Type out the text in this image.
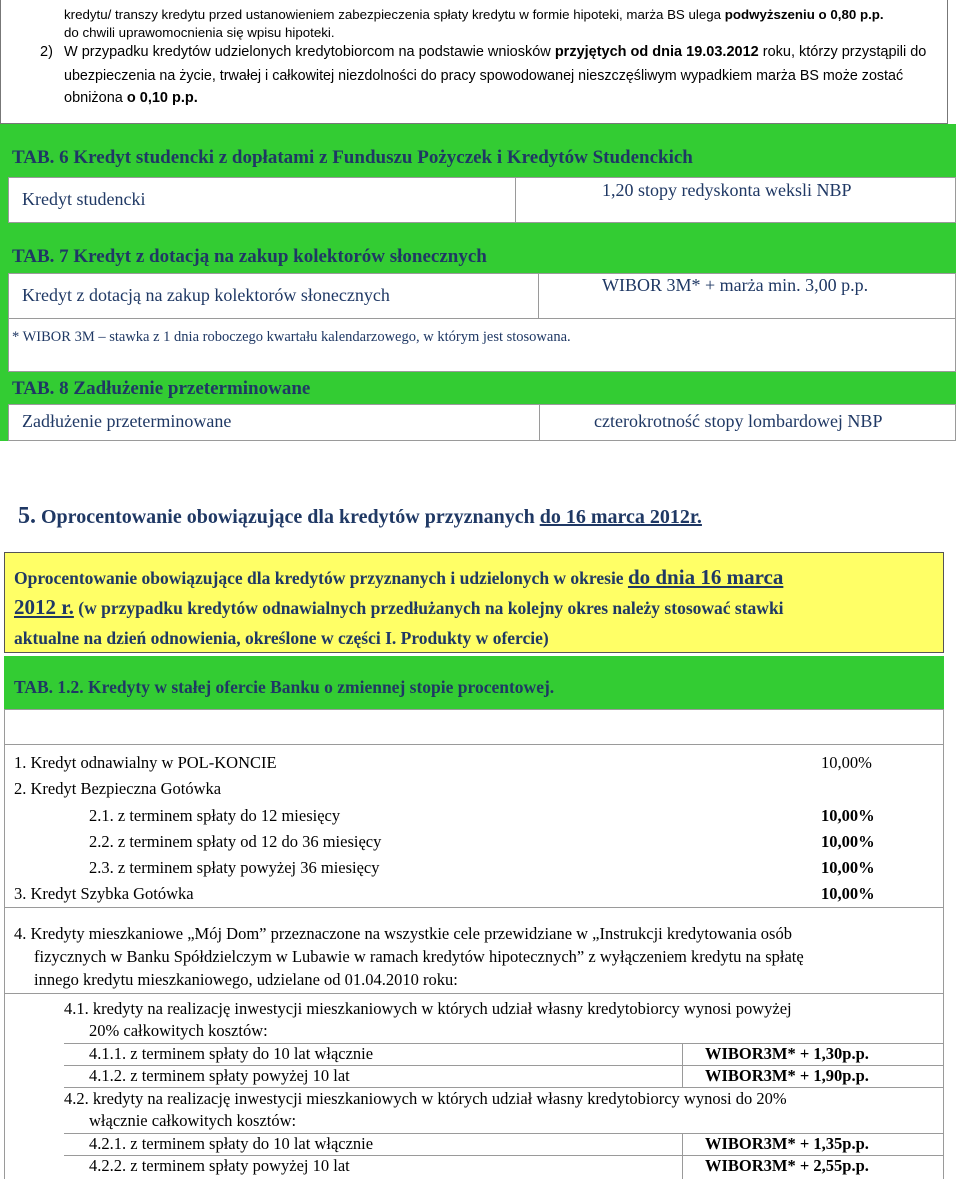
kredytu/ transzy kredytu przed ustanowieniem zabezpieczenia spłaty kredytu w formie hipoteki, marża BS ulega podwyższeniu o 0,80 p.p.
do chwili uprawomocnienia się wpisu hipoteki.
2) W przypadku kredytów udzielonych kredytobiorcom na podstawie wniosków przyjętych od dnia 19.03.2012 roku, którzy przystąpili do
ubezpieczenia na życie, trwałej i całkowitej niezdolności do pracy spowodowanej nieszczęśliwym wypadkiem marża BS może zostać
obniżona o 0,10 p.p.
TAB. 6 Kredyt studencki z dopłatami z Funduszu Pożyczek i Kredytów Studenckich
Kredyt studencki	1,20 stopy redyskonta weksli NBP
TAB. 7 Kredyt z dotacją na zakup kolektorów słonecznych
Kredyt z dotacją na zakup kolektorów słonecznych	WIBOR 3M* + marża min. 3,00 p.p.
* WIBOR 3M – stawka z 1 dnia roboczego kwartału kalendarzowego, w którym jest stosowana.
TAB. 8 Zadłużenie przeterminowane
Zadłużenie przeterminowane	czterokrotność stopy lombardowej NBP
5. Oprocentowanie obowiązujące dla kredytów przyznanych do 16 marca 2012r.
Oprocentowanie obowiązujące dla kredytów przyznanych i udzielonych w okresie do dnia 16 marca
2012 r. (w przypadku kredytów odnawialnych przedłużanych na kolejny okres należy stosować stawki
aktualne na dzień odnowienia, określone w części I. Produkty w ofercie)
TAB. 1.2. Kredyty w stałej ofercie Banku o zmiennej stopie procentowej.
1. Kredyt odnawialny w POL-KONCIE	10,00%
2. Kredyt Bezpieczna Gotówka
2.1. z terminem spłaty do 12 miesięcy	10,00%
2.2. z terminem spłaty od 12 do 36 miesięcy	10,00%
2.3. z terminem spłaty powyżej 36 miesięcy	10,00%
3. Kredyt Szybka Gotówka	10,00%
4. Kredyty mieszkaniowe „Mój Dom” przeznaczone na wszystkie cele przewidziane w „Instrukcji kredytowania osób
fizycznych w Banku Spółdzielczym w Lubawie w ramach kredytów hipotecznych” z wyłączeniem kredytu na spłatę
innego kredytu mieszkaniowego, udzielane od 01.04.2010 roku:
4.1. kredyty na realizację inwestycji mieszkaniowych w których udział własny kredytobiorcy wynosi powyżej
20% całkowitych kosztów:
4.1.1. z terminem spłaty do 10 lat włącznie	WIBOR3M* + 1,30p.p.
4.1.2. z terminem spłaty powyżej 10 lat	WIBOR3M* + 1,90p.p.
4.2. kredyty na realizację inwestycji mieszkaniowych w których udział własny kredytobiorcy wynosi do 20%
włącznie całkowitych kosztów:
4.2.1. z terminem spłaty do 10 lat włącznie	WIBOR3M* + 1,35p.p.
4.2.2. z terminem spłaty powyżej 10 lat	WIBOR3M* + 2,55p.p.
